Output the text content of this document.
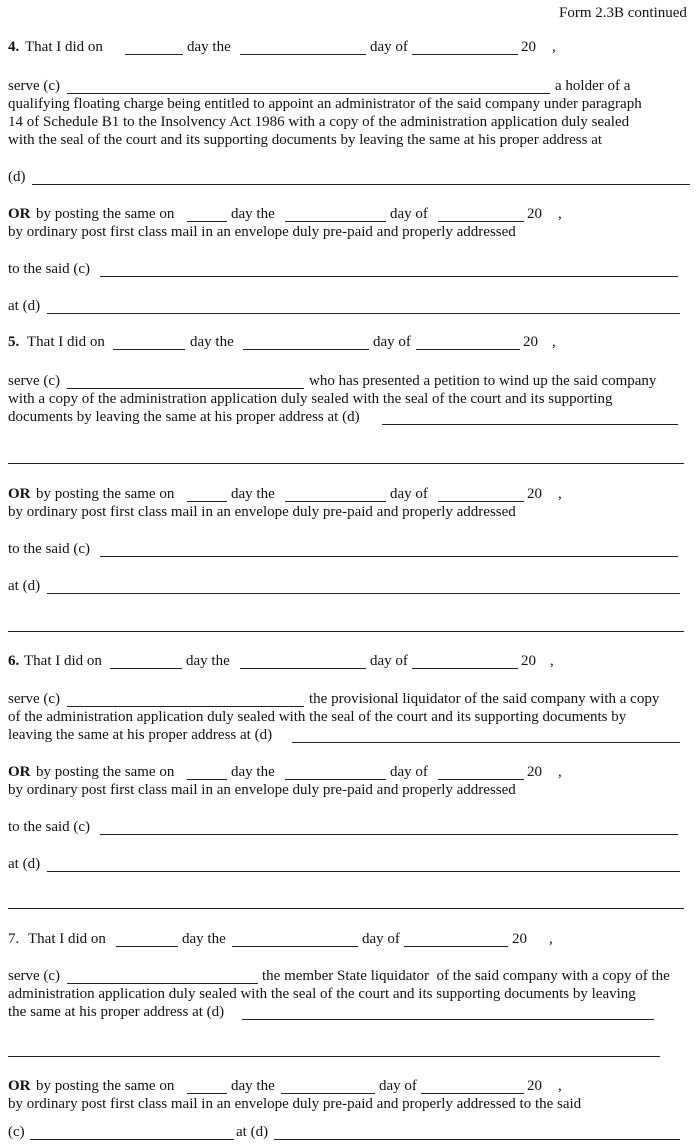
Form 2.3B continued
4. That I did on	day the	day of	20 ,
serve (c)	a holder of a
qualifying floating charge being entitled to appoint an administrator of the said company under paragraph
14 of Schedule B1 to the Insolvency Act 1986 with a copy of the administration application duly sealed
with the seal of the court and its supporting documents by leaving the same at his proper address at
(d)
OR by posting the same on	day the	day of	20 ,
by ordinary post first class mail in an envelope duly pre-paid and properly addressed
to the said (c)
at (d)
5. That I did on	day the	day of	20 ,
serve (c)	who has presented a petition to wind up the said company
with a copy of the administration application duly sealed with the seal of the court and its supporting
documents by leaving the same at his proper address at (d)
OR by posting the same on	day the	day of	20 ,
by ordinary post first class mail in an envelope duly pre-paid and properly addressed
to the said (c)
at (d)
6. That I did on	day the	day of	20 ,
serve (c)	the provisional liquidator of the said company with a copy
of the administration application duly sealed with the seal of the court and its supporting documents by
leaving the same at his proper address at (d)
OR by posting the same on	day the	day of	20 ,
by ordinary post first class mail in an envelope duly pre-paid and properly addressed
to the said (c)
at (d)
7. That I did on	day the	day of	20 ,
serve (c)	the member State liquidator  of the said company with a copy of the
administration application duly sealed with the seal of the court and its supporting documents by leaving
the same at his proper address at (d)
OR by posting the same on	day the	day of	20 ,
by ordinary post first class mail in an envelope duly pre-paid and properly addressed to the said
(c)	at (d)
